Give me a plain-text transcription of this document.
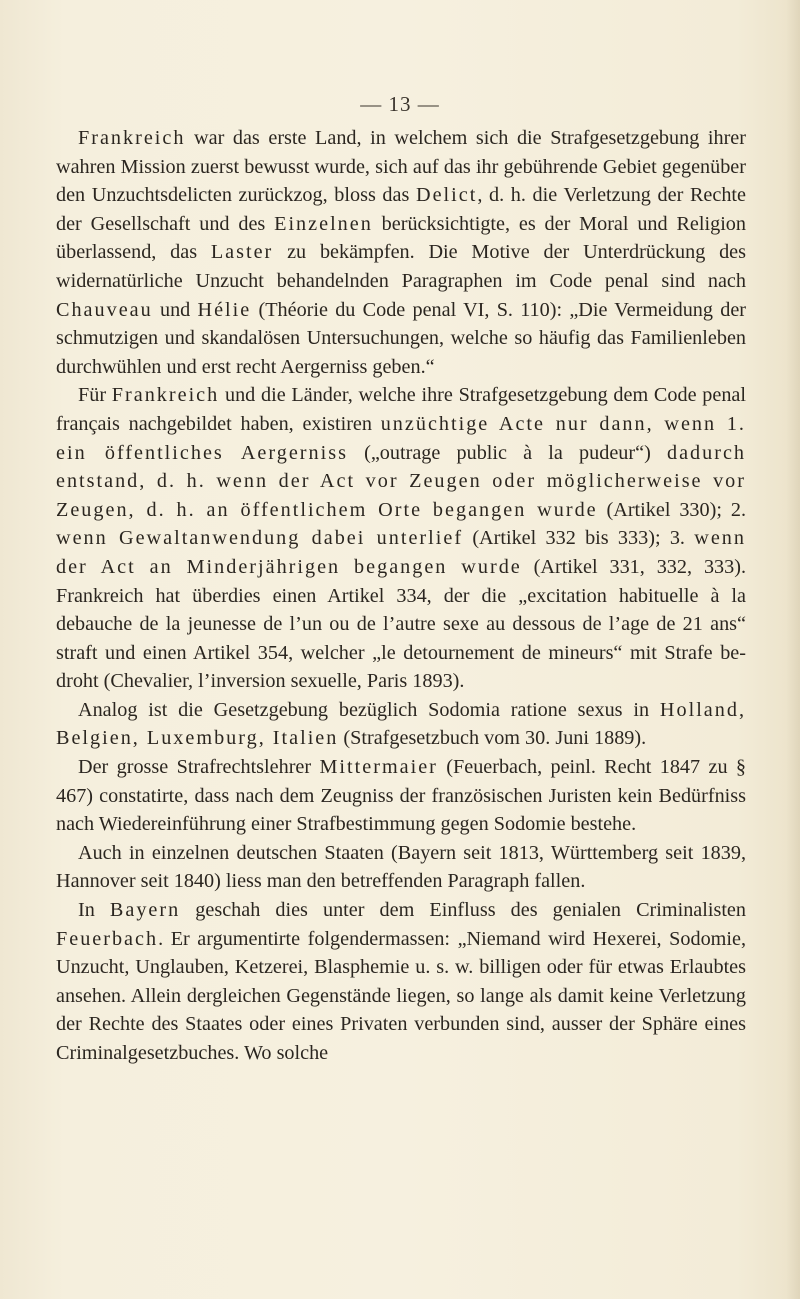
— 13 —

Frankreich war das erste Land, in welchem sich die Strafgesetzgebung ihrer wahren Mission zuerst bewusst wurde, sich auf das ihr gebührende Gebiet gegenüber den Unzuchtsdelicten zurückzog, bloss das Delict, d. h. die Verletzung der Rechte der Gesellschaft und des Einzelnen berücksichtigte, es der Moral und Religion überlassend, das Laster zu bekämpfen. Die Motive der Unterdrückung des widernatürliche Unzucht behandelnden Paragraphen im Code penal sind nach Chauveau und Hélie (Théorie du Code penal VI, S. 110): „Die Vermeidung der schmutzigen und skandalösen Untersuchungen, welche so häufig das Familienleben durchwühlen und erst recht Aergerniss geben.“

Für Frankreich und die Länder, welche ihre Strafgesetzgebung dem Code penal français nachgebildet haben, existiren unzüchtige Acte nur dann, wenn 1. ein öffentliches Aergerniss („outrage public à la pudeur“) dadurch entstand, d. h. wenn der Act vor Zeugen oder möglicherweise vor Zeugen, d. h. an öffentlichem Orte begangen wurde (Artikel 330); 2. wenn Gewaltanwendung dabei unterlief (Artikel 332 bis 333); 3. wenn der Act an Minderjährigen begangen wurde (Artikel 331, 332, 333). Frankreich hat überdies einen Artikel 334, der die „excitation habituelle à la debauche de la jeunesse de l’un ou de l’autre sexe au dessous de l’age de 21 ans“ straft und einen Artikel 354, welcher „le detournement de mineurs“ mit Strafe bedroht (Chevalier, l’inversion sexuelle, Paris 1893).

Analog ist die Gesetzgebung bezüglich Sodomia ratione sexus in Holland, Belgien, Luxemburg, Italien (Strafgesetzbuch vom 30. Juni 1889).

Der grosse Strafrechtslehrer Mittermaier (Feuerbach, peinl. Recht 1847 zu § 467) constatirte, dass nach dem Zeugniss der französischen Juristen kein Bedürfniss nach Wiedereinführung einer Strafbestimmung gegen Sodomie bestehe.

Auch in einzelnen deutschen Staaten (Bayern seit 1813, Württemberg seit 1839, Hannover seit 1840) liess man den betreffenden Paragraph fallen.

In Bayern geschah dies unter dem Einfluss des genialen Criminalisten Feuerbach. Er argumentirte folgendermassen: „Niemand wird Hexerei, Sodomie, Unzucht, Unglauben, Ketzerei, Blasphemie u. s. w. billigen oder für etwas Erlaubtes ansehen. Allein dergleichen Gegenstände liegen, so lange als damit keine Verletzung der Rechte des Staates oder eines Privaten verbunden sind, ausser der Sphäre eines Criminalgesetzbuches. Wo solche
